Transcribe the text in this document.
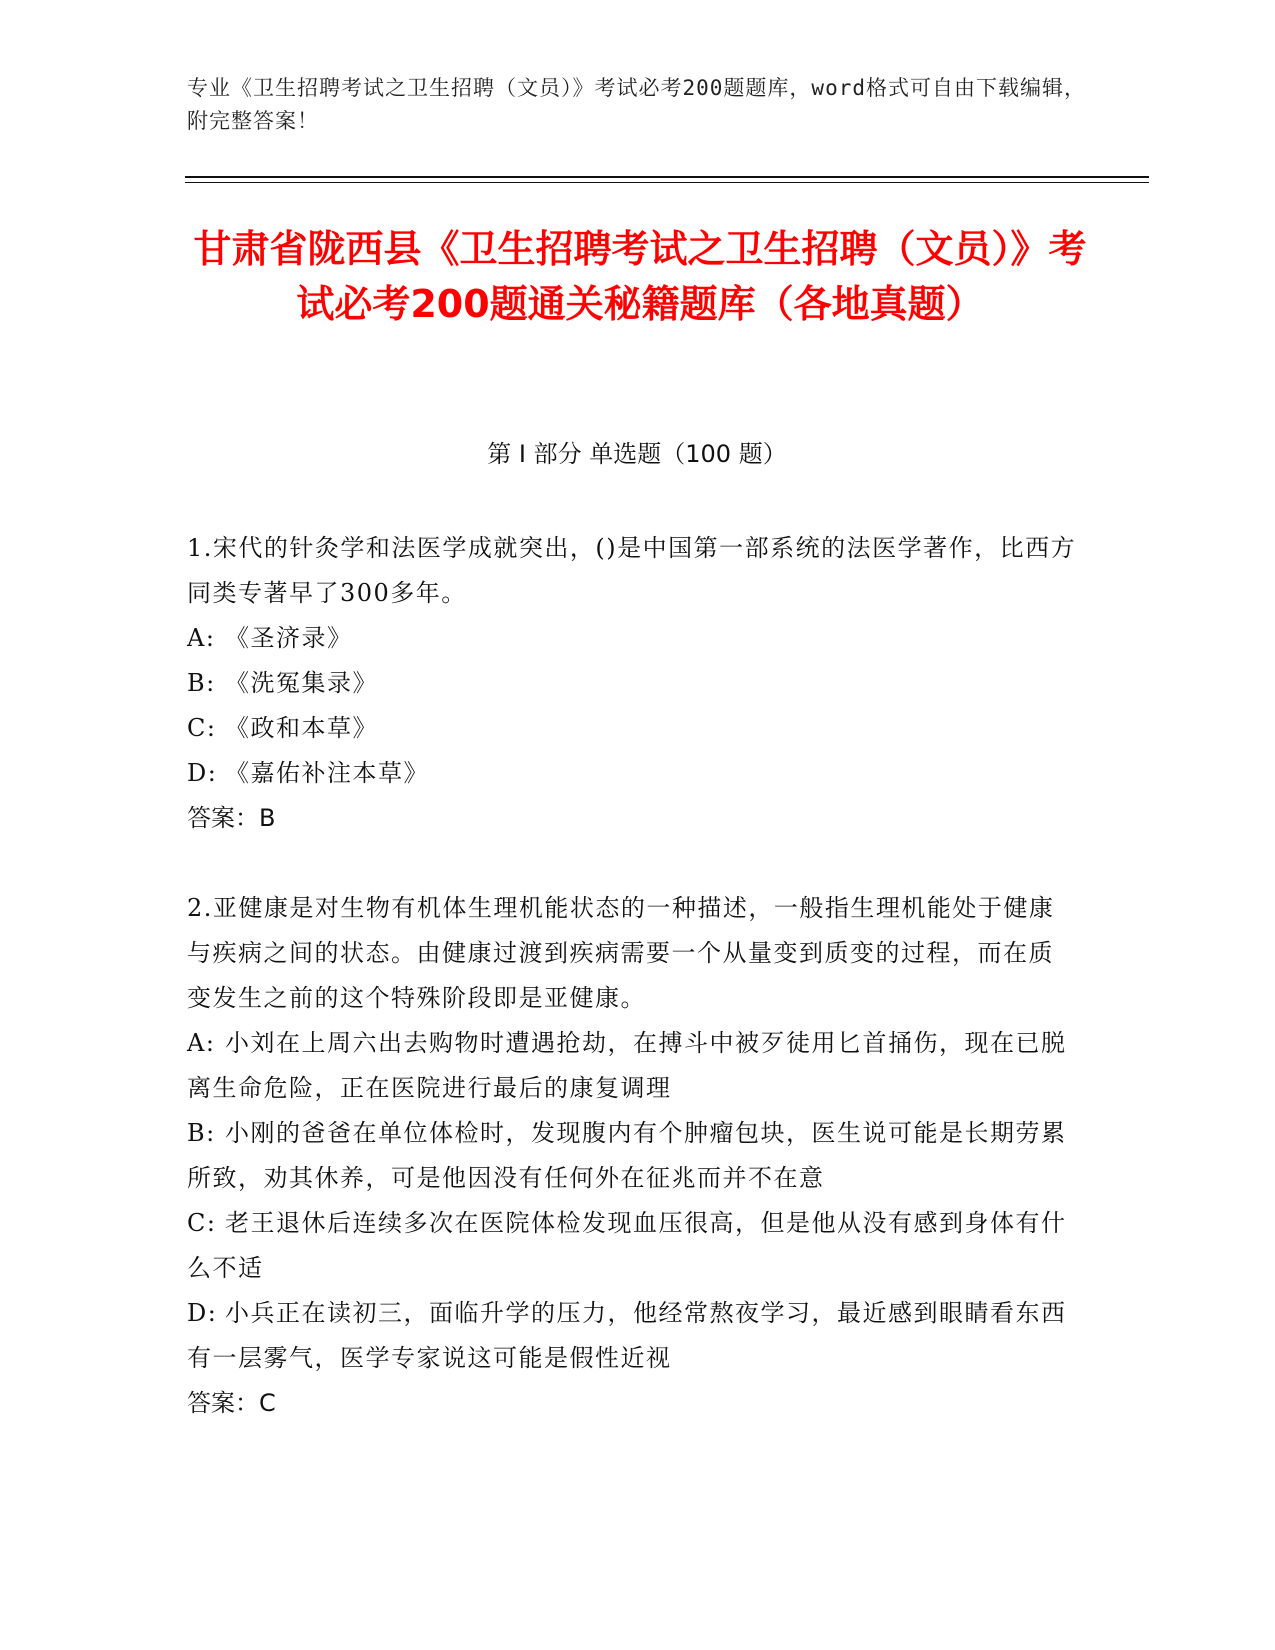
专业《卫生招聘考试之卫生招聘（文员）》考试必考200题题库，word格式可自由下载编辑，附完整答案！
甘肃省陇西县《卫生招聘考试之卫生招聘（文员）》考试必考200题通关秘籍题库（各地真题）
第 I 部分 单选题（100 题）

1.宋代的针灸学和法医学成就突出，()是中国第一部系统的法医学著作，比西方同类专著早了300多年。

A: 《圣济录》

B: 《洗冤集录》

C: 《政和本草》

D: 《嘉佑补注本草》

答案：B

2.亚健康是对生物有机体生理机能状态的一种描述，一般指生理机能处于健康与疾病之间的状态。由健康过渡到疾病需要一个从量变到质变的过程，而在质变发生之前的这个特殊阶段即是亚健康。

A: 小刘在上周六出去购物时遭遇抢劫，在搏斗中被歹徒用匕首捅伤，现在已脱离生命危险，正在医院进行最后的康复调理

B: 小刚的爸爸在单位体检时，发现腹内有个肿瘤包块，医生说可能是长期劳累所致，劝其休养，可是他因没有任何外在征兆而并不在意

C: 老王退休后连续多次在医院体检发现血压很高，但是他从没有感到身体有什么不适

D: 小兵正在读初三，面临升学的压力，他经常熬夜学习，最近感到眼睛看东西有一层雾气，医学专家说这可能是假性近视

答案：C
